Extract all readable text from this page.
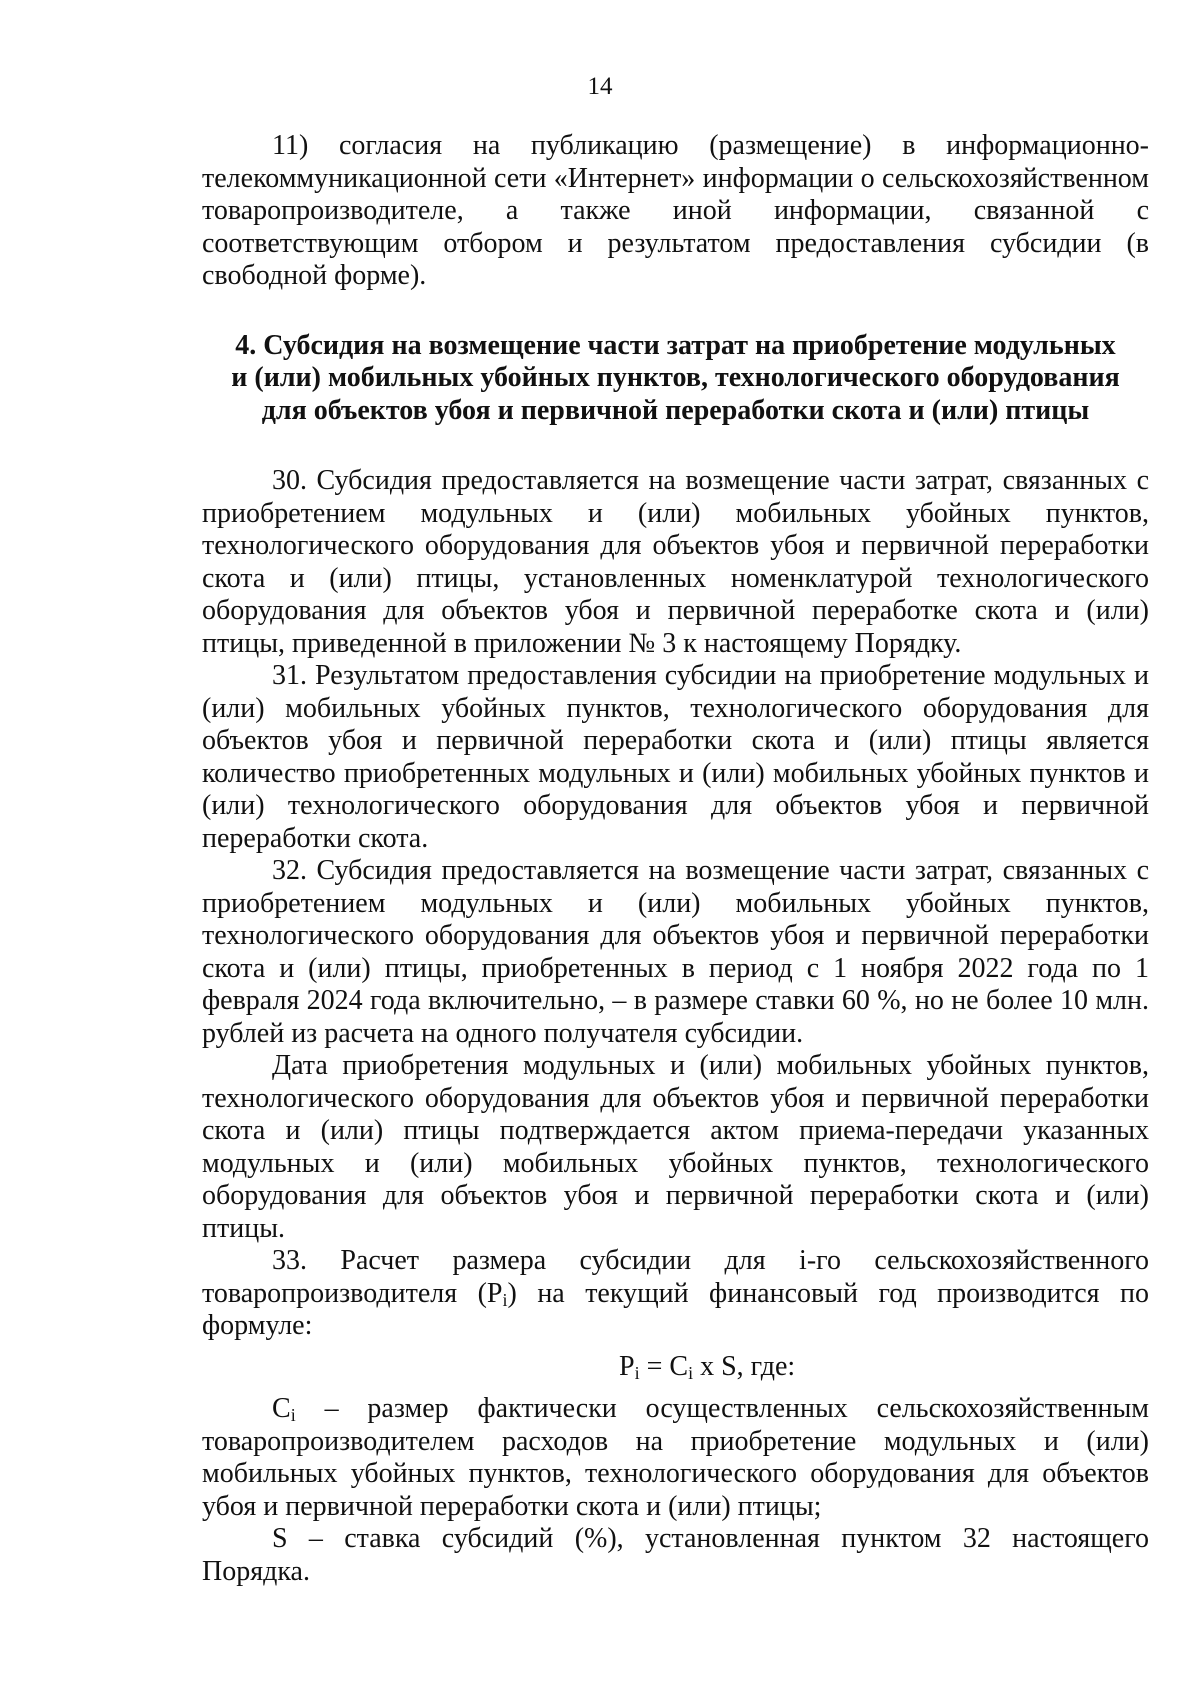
14

11) согласия на публикацию (размещение) в информационно-телекоммуникационной сети «Интернет» информации о сельскохозяйственном товаропроизводителе, а также иной информации, связанной с соответствующим отбором и результатом предоставления субсидии (в свободной форме).

4. Субсидия на возмещение части затрат на приобретение модульных
и (или) мобильных убойных пунктов, технологического оборудования
для объектов убоя и первичной переработки скота и (или) птицы

30. Субсидия предоставляется на возмещение части затрат, связанных с приобретением модульных и (или) мобильных убойных пунктов, технологического оборудования для объектов убоя и первичной переработки скота и (или) птицы, установленных номенклатурой технологического оборудования для объектов убоя и первичной переработке скота и (или) птицы, приведенной в приложении № 3 к настоящему Порядку.

31. Результатом предоставления субсидии на приобретение модульных и (или) мобильных убойных пунктов, технологического оборудования для объектов убоя и первичной переработки скота и (или) птицы является количество приобретенных модульных и (или) мобильных убойных пунктов и (или) технологического оборудования для объектов убоя и первичной переработки скота.

32. Субсидия предоставляется на возмещение части затрат, связанных с приобретением модульных и (или) мобильных убойных пунктов, технологического оборудования для объектов убоя и первичной переработки скота и (или) птицы, приобретенных в период с 1 ноября 2022 года по 1 февраля 2024 года включительно, – в размере ставки 60 %, но не более 10 млн. рублей из расчета на одного получателя субсидии.

Дата приобретения модульных и (или) мобильных убойных пунктов, технологического оборудования для объектов убоя и первичной переработки скота и (или) птицы подтверждается актом приема-передачи указанных модульных и (или) мобильных убойных пунктов, технологического оборудования для объектов убоя и первичной переработки скота и (или) птицы.

33. Расчет размера субсидии для i-го сельскохозяйственного товаропроизводителя $(P_i)$ на текущий финансовый год производится по формуле:

$P_i = C_i$ x S, где:

$C_i$ – размер фактически осуществленных сельскохозяйственным товаропроизводителем расходов на приобретение модульных и (или) мобильных убойных пунктов, технологического оборудования для объектов убоя и первичной переработки скота и (или) птицы;

S – ставка субсидий (%), установленная пунктом 32 настоящего Порядка.
